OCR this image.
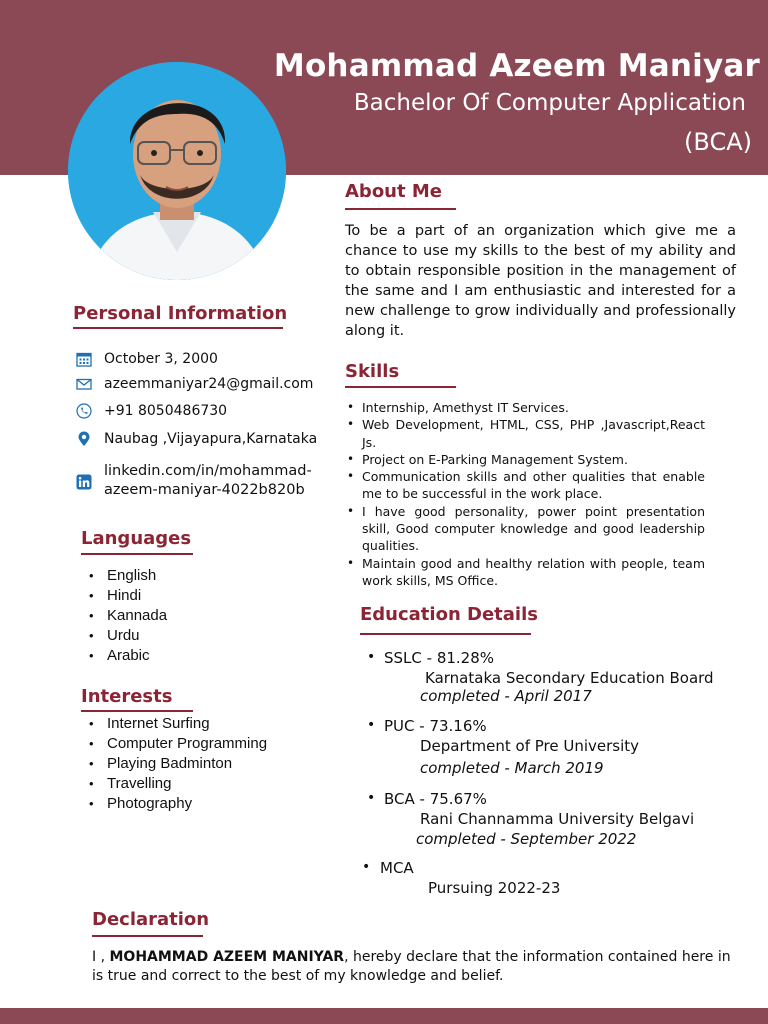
Mohammad Azeem Maniyar
Bachelor Of Computer Application
(BCA)
Personal Information
October 3, 2000
azeemmaniyar24@gmail.com
+91 8050486730
Naubag ,Vijayapura,Karnataka
linkedin.com/in/mohammad-
azeem-maniyar-4022b820b
Languages
• English
• Hindi
• Kannada
• Urdu
• Arabic
Interests
• Internet Surfing
• Computer Programming
• Playing Badminton
• Travelling
• Photography
About Me
To be a part of an organization which give me a chance to use my skills to the best of my ability and to obtain responsible position in the management of the same and I am enthusiastic and interested for a new challenge to grow individually and professionally along it.
Skills
• Internship, Amethyst IT Services.
• Web Development, HTML, CSS, PHP ,Javascript,React Js.
• Project on E-Parking Management System.
• Communication skills and other qualities that enable me to be successful in the work place.
• I have good personality, power point presentation skill, Good computer knowledge and good leadership qualities.
• Maintain good and healthy relation with people, team work skills, MS Office.
Education Details
• SSLC - 81.28%
Karnataka Secondary Education Board
completed - April 2017
• PUC - 73.16%
Department of Pre University
completed - March 2019
• BCA - 75.67%
Rani Channamma University Belgavi
completed - September 2022
• MCA
Pursuing 2022-23
Declaration
I , MOHAMMAD AZEEM MANIYAR, hereby declare that the information contained here in is true and correct to the best of my knowledge and belief.
